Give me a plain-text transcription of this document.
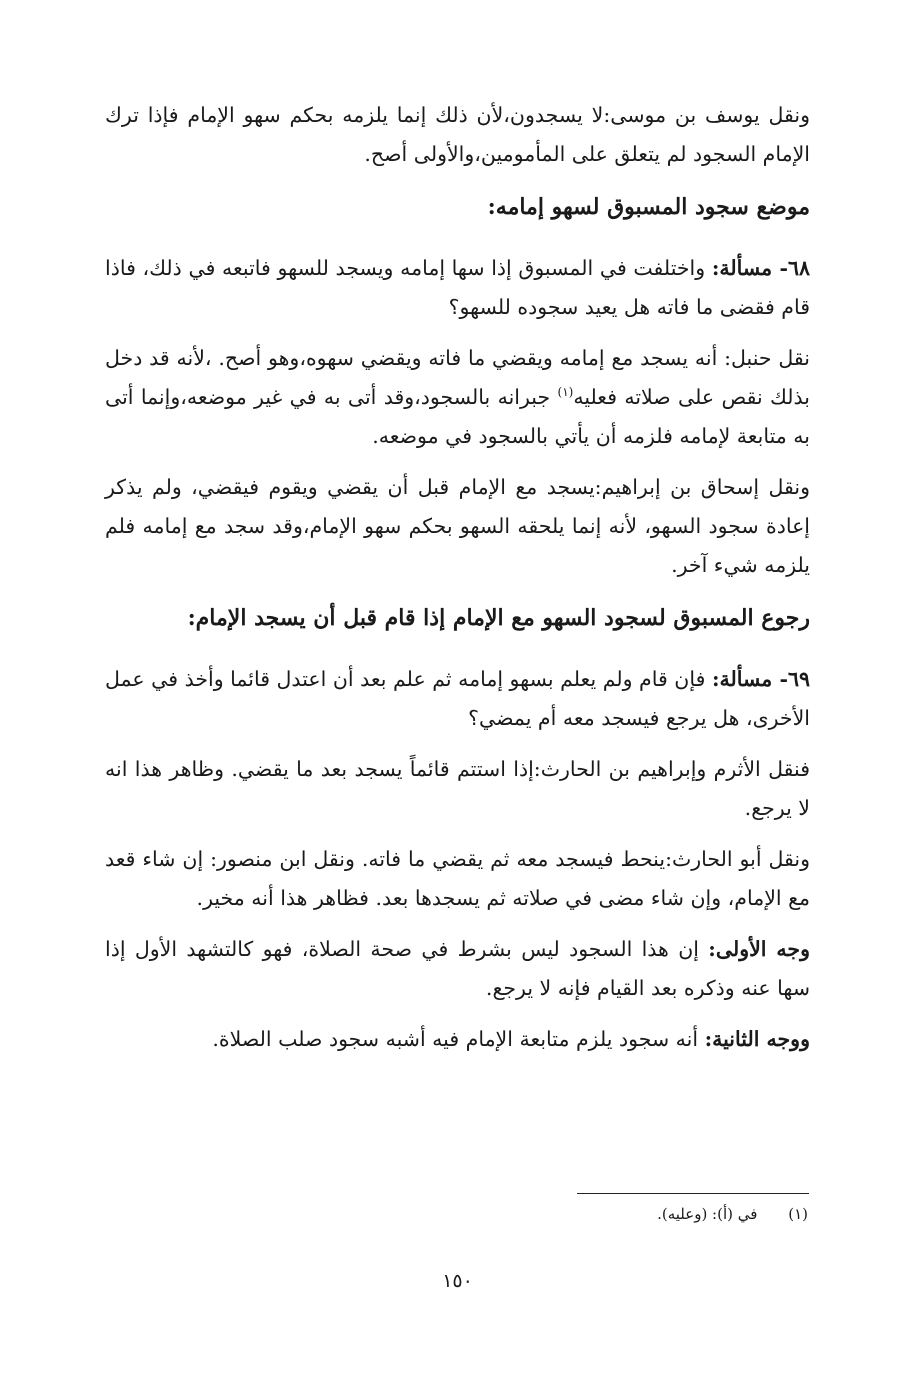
ونقل يوسف بن موسى:لا يسجدون،لأن ذلك إنما يلزمه بحكم سهو الإمام فإذا ترك الإمام السجود لم يتعلق على المأمومين،والأولى أصح.

موضع سجود المسبوق لسهو إمامه:

٦٨- مسألة: واختلفت في المسبوق إذا سها إمامه ويسجد للسهو فاتبعه في ذلك، فاذا قام فقضى ما فاته هل يعيد سجوده للسهو؟

نقل حنبل: أنه يسجد مع إمامه ويقضي ما فاته ويقضي سهوه،وهو أصح. ،لأنه قد دخل بذلك نقص على صلاته فعليه$^{(١)}$ جبرانه بالسجود،وقد أتى به في غير موضعه،وإنما أتى به متابعة لإمامه فلزمه أن يأتي بالسجود في موضعه.

ونقل إسحاق بن إبراهيم:يسجد مع الإمام قبل أن يقضي ويقوم فيقضي، ولم يذكر إعادة سجود السهو، لأنه إنما يلحقه السهو بحكم سهو الإمام،وقد سجد مع إمامه فلم يلزمه شيء آخر.

رجوع المسبوق لسجود السهو مع الإمام إذا قام قبل أن يسجد الإمام:

٦٩- مسألة: فإن قام ولم يعلم بسهو إمامه ثم علم بعد أن اعتدل قائما وأخذ في عمل الأخرى، هل يرجع فيسجد معه أم يمضي؟

فنقل الأثرم وإبراهيم بن الحارث:إذا استتم قائماً يسجد بعد ما يقضي. وظاهر هذا انه لا يرجع.

ونقل أبو الحارث:ينحط فيسجد معه ثم يقضي ما فاته. ونقل ابن منصور: إن شاء قعد مع الإمام، وإن شاء مضى في صلاته ثم يسجدها بعد. فظاهر هذا أنه مخير.

وجه الأولى: إن هذا السجود ليس بشرط في صحة الصلاة، فهو كالتشهد الأول إذا سها عنه وذكره بعد القيام فإنه لا يرجع.

ووجه الثانية: أنه سجود يلزم متابعة الإمام فيه أشبه سجود صلب الصلاة.

(١) في (أ): (وعليه).
١٥٠
